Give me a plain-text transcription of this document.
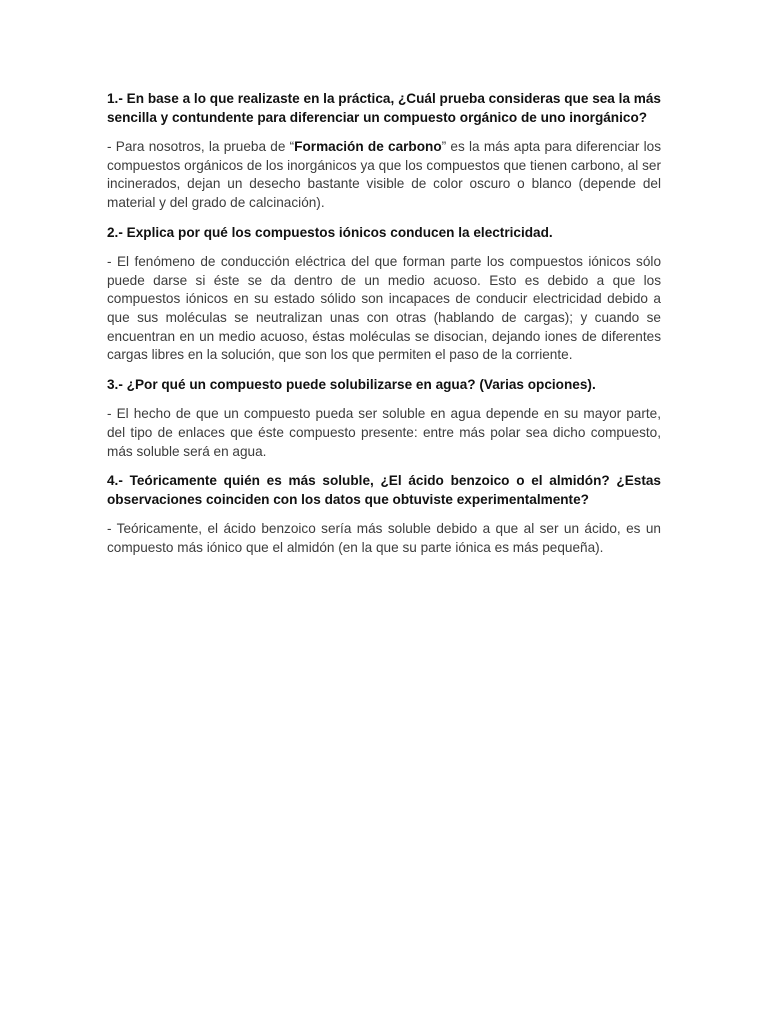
1.- En base a lo que realizaste en la práctica, ¿Cuál prueba consideras que sea la más sencilla y contundente para diferenciar un compuesto orgánico de uno inorgánico?

- Para nosotros, la prueba de “Formación de carbono” es la más apta para diferenciar los compuestos orgánicos de los inorgánicos ya que los compuestos que tienen carbono, al ser incinerados, dejan un desecho bastante visible de color oscuro o blanco (depende del material y del grado de calcinación).

2.- Explica por qué los compuestos iónicos conducen la electricidad.

- El fenómeno de conducción eléctrica del que forman parte los compuestos iónicos sólo puede darse si éste se da dentro de un medio acuoso. Esto es debido a que los compuestos iónicos en su estado sólido son incapaces de conducir electricidad debido a que sus moléculas se neutralizan unas con otras (hablando de cargas); y cuando se encuentran en un medio acuoso, éstas moléculas se disocian, dejando iones de diferentes cargas libres en la solución, que son los que permiten el paso de la corriente.

3.- ¿Por qué un compuesto puede solubilizarse en agua? (Varias opciones).

- El hecho de que un compuesto pueda ser soluble en agua depende en su mayor parte, del tipo de enlaces que éste compuesto presente: entre más polar sea dicho compuesto, más soluble será en agua.

4.- Teóricamente quién es más soluble, ¿El ácido benzoico o el almidón? ¿Estas observaciones coinciden con los datos que obtuviste experimentalmente?

- Teóricamente, el ácido benzoico sería más soluble debido a que al ser un ácido, es un compuesto más iónico que el almidón (en la que su parte iónica es más pequeña).
